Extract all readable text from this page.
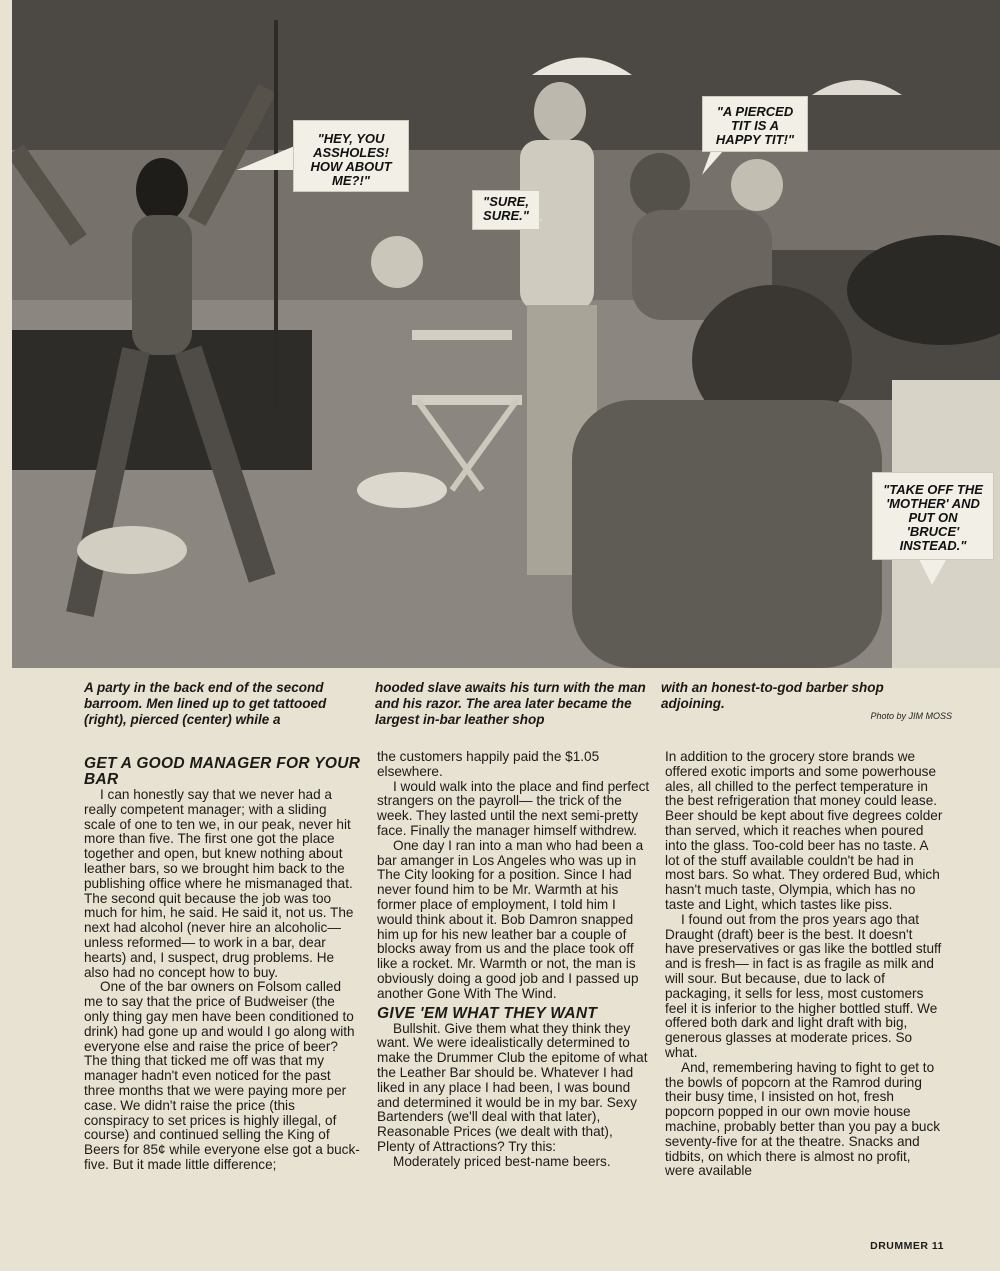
"HEY, YOU ASSHOLES! HOW ABOUT ME?!"
"SURE, SURE."
"A PIERCED TIT IS A HAPPY TIT!"
"TAKE OFF THE 'MOTHER' AND PUT ON 'BRUCE' INSTEAD."
A party in the back end of the second barroom. Men lined up to get tattooed (right), pierced (center) while a
hooded slave awaits his turn with the man and his razor. The area later became the largest in-bar leather shop
with an honest-to-god barber shop adjoining.
Photo by JIM MOSS
GET A GOOD MANAGER FOR YOUR BAR

I can honestly say that we never had a really competent manager; with a sliding scale of one to ten we, in our peak, never hit more than five. The first one got the place together and open, but knew nothing about leather bars, so we brought him back to the publishing office where he mismanaged that. The second quit because the job was too much for him, he said. He said it, not us. The next had alcohol (never hire an alcoholic— unless reformed— to work in a bar, dear hearts) and, I suspect, drug problems. He also had no concept how to buy.

One of the bar owners on Folsom called me to say that the price of Budweiser (the only thing gay men have been conditioned to drink) had gone up and would I go along with everyone else and raise the price of beer? The thing that ticked me off was that my manager hadn't even noticed for the past three months that we were paying more per case. We didn't raise the price (this conspiracy to set prices is highly illegal, of course) and continued selling the King of Beers for 85¢ while everyone else got a buck-five. But it made little difference;

the customers happily paid the $1.05 elsewhere.

I would walk into the place and find perfect strangers on the payroll— the trick of the week. They lasted until the next semi-pretty face. Finally the manager himself withdrew.

One day I ran into a man who had been a bar amanger in Los Angeles who was up in The City looking for a position. Since I had never found him to be Mr. Warmth at his former place of employment, I told him I would think about it. Bob Damron snapped him up for his new leather bar a couple of blocks away from us and the place took off like a rocket. Mr. Warmth or not, the man is obviously doing a good job and I passed up another Gone With The Wind.

GIVE 'EM WHAT THEY WANT

Bullshit. Give them what they think they want. We were idealistically determined to make the Drummer Club the epitome of what the Leather Bar should be. Whatever I had liked in any place I had been, I was bound and determined it would be in my bar. Sexy Bartenders (we'll deal with that later), Reasonable Prices (we dealt with that), Plenty of Attractions? Try this:

Moderately priced best-name beers.

In addition to the grocery store brands we offered exotic imports and some powerhouse ales, all chilled to the perfect temperature in the best refrigeration that money could lease. Beer should be kept about five degrees colder than served, which it reaches when poured into the glass. Too-cold beer has no taste. A lot of the stuff available couldn't be had in most bars. So what. They ordered Bud, which hasn't much taste, Olympia, which has no taste and Light, which tastes like piss.

I found out from the pros years ago that Draught (draft) beer is the best. It doesn't have preservatives or gas like the bottled stuff and is fresh— in fact is as fragile as milk and will sour. But because, due to lack of packaging, it sells for less, most customers feel it is inferior to the higher bottled stuff. We offered both dark and light draft with big, generous glasses at moderate prices. So what.

And, remembering having to fight to get to the bowls of popcorn at the Ramrod during their busy time, I insisted on hot, fresh popcorn popped in our own movie house machine, probably better than you pay a buck seventy-five for at the theatre. Snacks and tidbits, on which there is almost no profit, were available

DRUMMER 11
